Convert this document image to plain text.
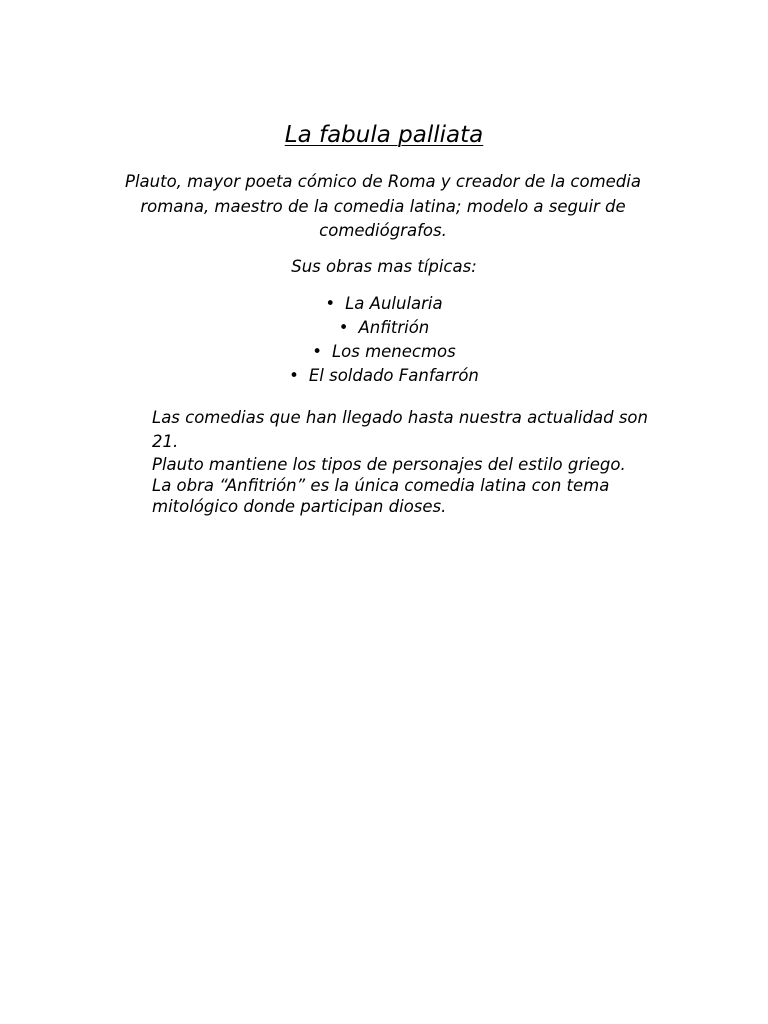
La fabula palliata

Plauto, mayor poeta cómico de Roma y creador de la comedia romana, maestro de la comedia latina; modelo a seguir de comediógrafos.

Sus obras mas típicas:

• La Aulularia
• Anfitrión
• Los menecmos
• El soldado Fanfarrón

Las comedias que han llegado hasta nuestra actualidad son 21.

Plauto mantiene los tipos de personajes del estilo griego.

La obra “Anfitrión” es la única comedia latina con tema mitológico donde participan dioses.
